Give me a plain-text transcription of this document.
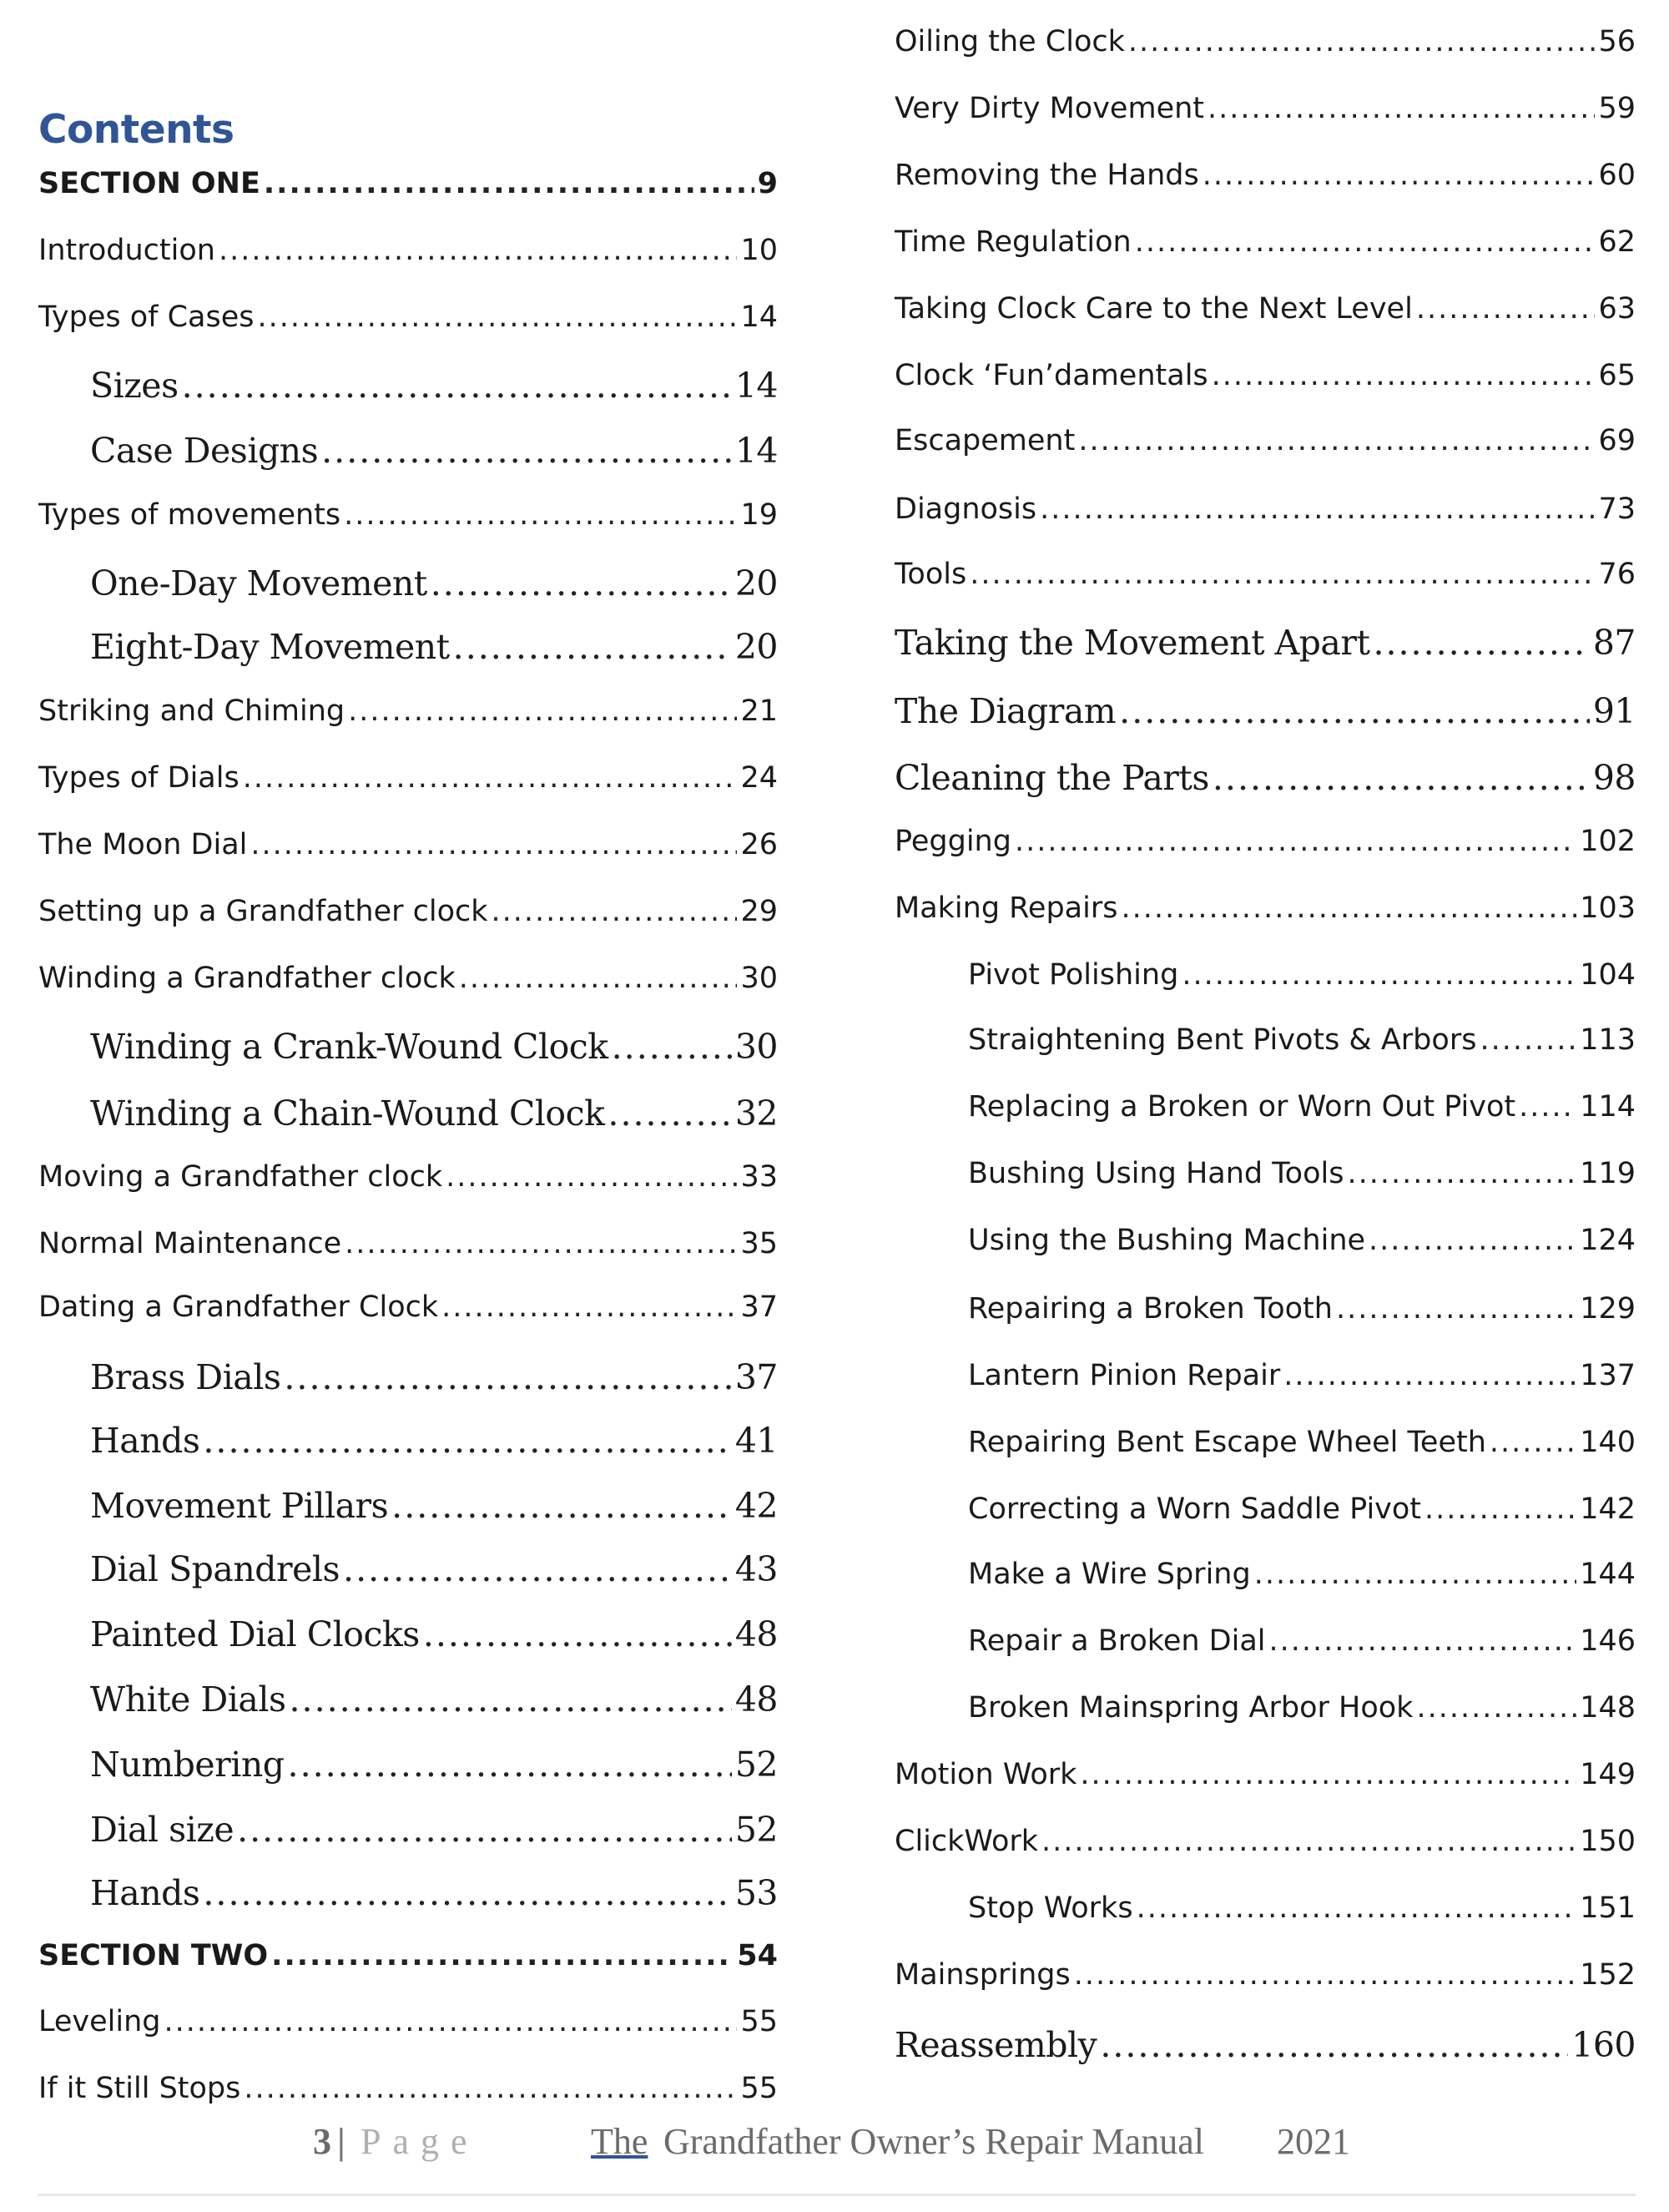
Contents
SECTION ONE .....	9
Introduction .....	10
Types of Cases .....	14
Sizes .....	14
Case Designs .....	14
Types of movements .....	19
One-Day Movement .....	20
Eight-Day Movement .....	20
Striking and Chiming .....	21
Types of Dials .....	24
The Moon Dial .....	26
Setting up a Grandfather clock .....	29
Winding a Grandfather clock .....	30
Winding a Crank-Wound Clock .....	30
Winding a Chain-Wound Clock .....	32
Moving a Grandfather clock .....	33
Normal Maintenance .....	35
Dating a Grandfather Clock .....	37
Brass Dials .....	37
Hands .....	41
Movement Pillars .....	42
Dial Spandrels .....	43
Painted Dial Clocks .....	48
White Dials .....	48
Numbering .....	52
Dial size .....	52
Hands .....	53
SECTION TWO .....	54
Leveling .....	55
If it Still Stops .....	55
Oiling the Clock .....	56
Very Dirty Movement .....	59
Removing the Hands .....	60
Time Regulation .....	62
Taking Clock Care to the Next Level .....	63
Clock ‘Fun’damentals .....	65
Escapement .....	69
Diagnosis .....	73
Tools .....	76
Taking the Movement Apart .....	87
The Diagram .....	91
Cleaning the Parts .....	98
Pegging .....	102
Making Repairs .....	103
Pivot Polishing .....	104
Straightening Bent Pivots & Arbors .....	113
Replacing a Broken or Worn Out Pivot ..... 114
Bushing Using Hand Tools .....	119
Using the Bushing Machine .....	124
Repairing a Broken Tooth .....	129
Lantern Pinion Repair .....	137
Repairing Bent Escape Wheel Teeth .....	140
Correcting a Worn Saddle Pivot .....	142
Make a Wire Spring .....	144
Repair a Broken Dial .....	146
Broken Mainspring Arbor Hook .....	148
Motion Work .....	149
ClickWork .....	150
Stop Works .....	151
Mainsprings .....	152
Reassembly .....	160
3 | Page	The Grandfather Owner’s Repair Manual 2021
